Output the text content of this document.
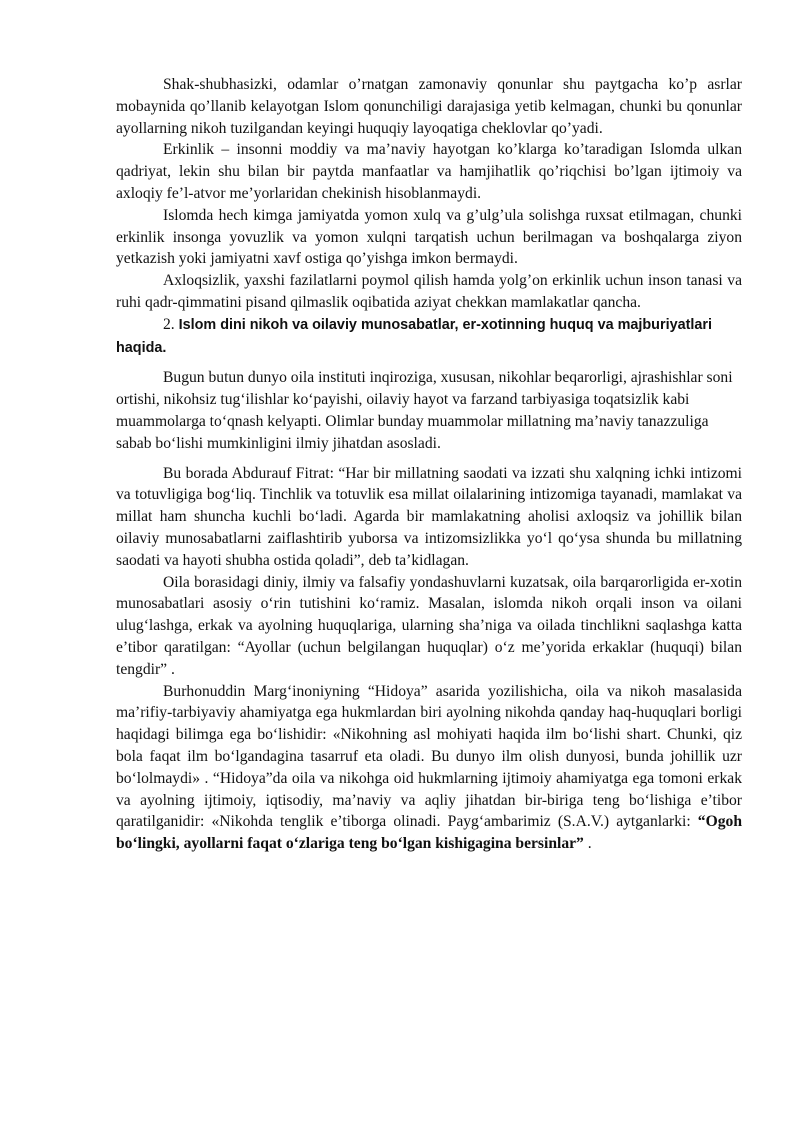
Shak-shubhasizki, odamlar o’rnatgan zamonaviy qonunlar shu paytgacha ko’p asrlar mobaynida qo’llanib kelayotgan Islom qonunchiligi darajasiga yetib kelmagan, chunki bu qonunlar ayollarning nikoh tuzilgandan keyingi huquqiy layoqatiga cheklovlar qo’yadi.

Erkinlik – insonni moddiy va ma’naviy hayotgan ko’klarga ko’taradigan Islomda ulkan qadriyat, lekin shu bilan bir paytda manfaatlar va hamjihatlik qo’riqchisi bo’lgan ijtimoiy va axloqiy fe’l-atvor me’yorlaridan chekinish hisoblanmaydi.

Islomda hech kimga jamiyatda yomon xulq va g’ulg’ula solishga ruxsat etilmagan, chunki erkinlik insonga yovuzlik va yomon xulqni tarqatish uchun berilmagan va boshqalarga ziyon yetkazish yoki jamiyatni xavf ostiga qo’yishga imkon bermaydi.

Axloqsizlik, yaxshi fazilatlarni poymol qilish hamda yolg’on erkinlik uchun inson tanasi va ruhi qadr-qimmatini pisand qilmaslik oqibatida aziyat chekkan mamlakatlar qancha.

2. Islom dini nikoh va oilaviy munosabatlar, er-xotinning huquq va majburiyatlari haqida.

Bugun butun dunyo oila instituti inqiroziga, xususan, nikohlar beqarorligi, ajrashishlar soni ortishi, nikohsiz tug‘ilishlar ko‘payishi, oilaviy hayot va farzand tarbiyasiga toqatsizlik kabi muammolarga to‘qnash kelyapti. Olimlar bunday muammolar millatning ma’naviy tanazzuliga sabab bo‘lishi mumkinligini ilmiy jihatdan asosladi.

Bu borada Abdurauf Fitrat: “Har bir millatning saodati va izzati shu xalqning ichki intizomi va totuvligiga bog‘liq. Tinchlik va totuvlik esa millat oilalarining intizomiga tayanadi, mamlakat va millat ham shuncha kuchli bo‘ladi. Agarda bir mamlakatning aholisi axloqsiz va johillik bilan oilaviy munosabatlarni zaiflashtirib yuborsa va intizomsizlikka yo‘l qo‘ysa shunda bu millatning saodati va hayoti shubha ostida qoladi”, deb ta’kidlagan.

Oila borasidagi diniy, ilmiy va falsafiy yondashuvlarni kuzatsak, oila barqarorligida er-xotin munosabatlari asosiy o‘rin tutishini ko‘ramiz. Masalan, islomda nikoh orqali inson va oilani ulug‘lashga, erkak va ayolning huquqlariga, ularning sha’niga va oilada tinchlikni saqlashga katta e’tibor qaratilgan: “Ayollar (uchun belgilangan huquqlar) o‘z me’yorida erkaklar (huquqi) bilan tengdir” .

Burhonuddin Marg‘inoniyning “Hidoya” asarida yozilishicha, oila va nikoh masalasida ma’rifiy-tarbiyaviy ahamiyatga ega hukmlardan biri ayolning nikohda qanday haq-huquqlari borligi haqidagi bilimga ega bo‘lishidir: «Nikohning asl mohiyati haqida ilm bo‘lishi shart. Chunki, qiz bola faqat ilm bo‘lgandagina tasarruf eta oladi. Bu dunyo ilm olish dunyosi, bunda johillik uzr bo‘lolmaydi» . “Hidoya”da oila va nikohga oid hukmlarning ijtimoiy ahamiyatga ega tomoni erkak va ayolning ijtimoiy, iqtisodiy, ma’naviy va aqliy jihatdan bir-biriga teng bo‘lishiga e’tibor qaratilganidir: «Nikohda tenglik e’tiborga olinadi. Payg‘ambarimiz (S.A.V.) aytganlarki: “Ogoh bo‘lingki, ayollarni faqat o‘zlariga teng bo‘lgan kishigagina bersinlar” .
